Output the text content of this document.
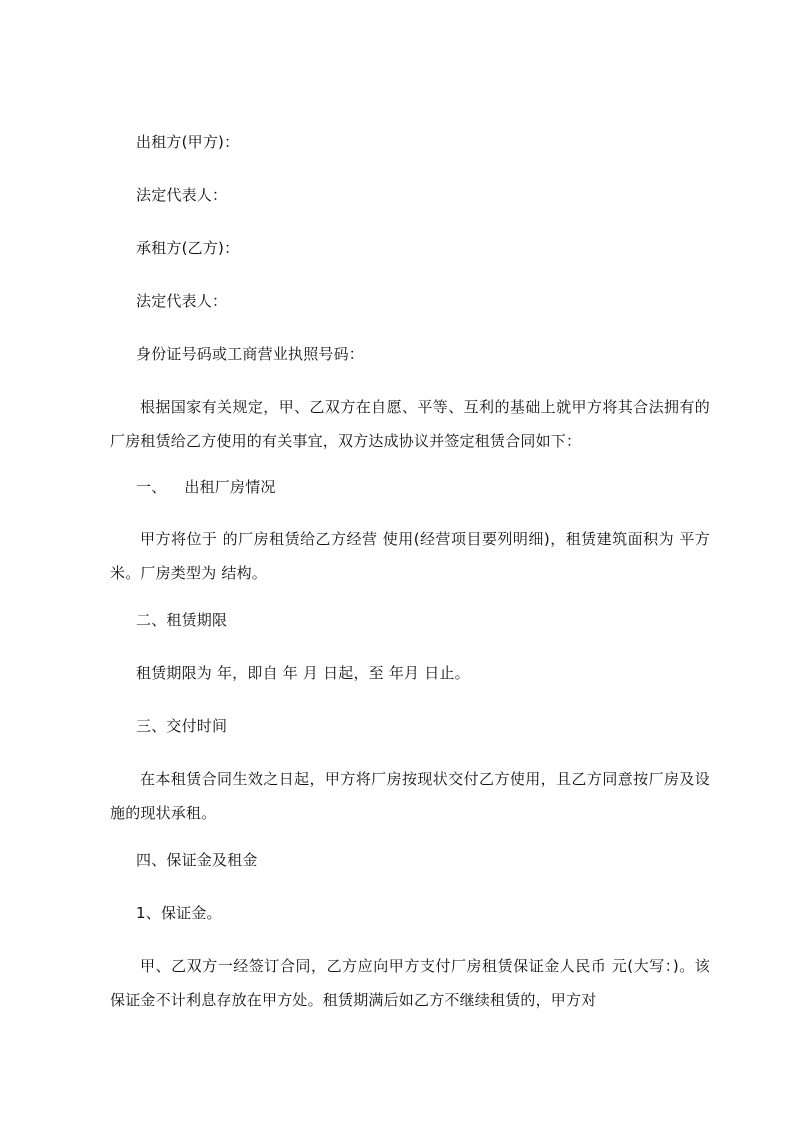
出租方(甲方)：
法定代表人：
承租方(乙方)：
法定代表人：
身份证号码或工商营业执照号码：
根据国家有关规定，甲、乙双方在自愿、平等、互利的基础上就甲方将其合法拥有的厂房租赁给乙方使用的有关事宜，双方达成协议并签定租赁合同如下：
一、 出租厂房情况
甲方将位于 的厂房租赁给乙方经营 使用(经营项目要列明细)，租赁建筑面积为 平方米。厂房类型为 结构。
二、租赁期限
租赁期限为 年，即自 年 月 日起，至 年月 日止。
三、交付时间
在本租赁合同生效之日起，甲方将厂房按现状交付乙方使用，且乙方同意按厂房及设施的现状承租。
四、保证金及租金
1、保证金。
甲、乙双方一经签订合同，乙方应向甲方支付厂房租赁保证金人民币 元(大写：)。该保证金不计利息存放在甲方处。租赁期满后如乙方不继续租赁的，甲方对
